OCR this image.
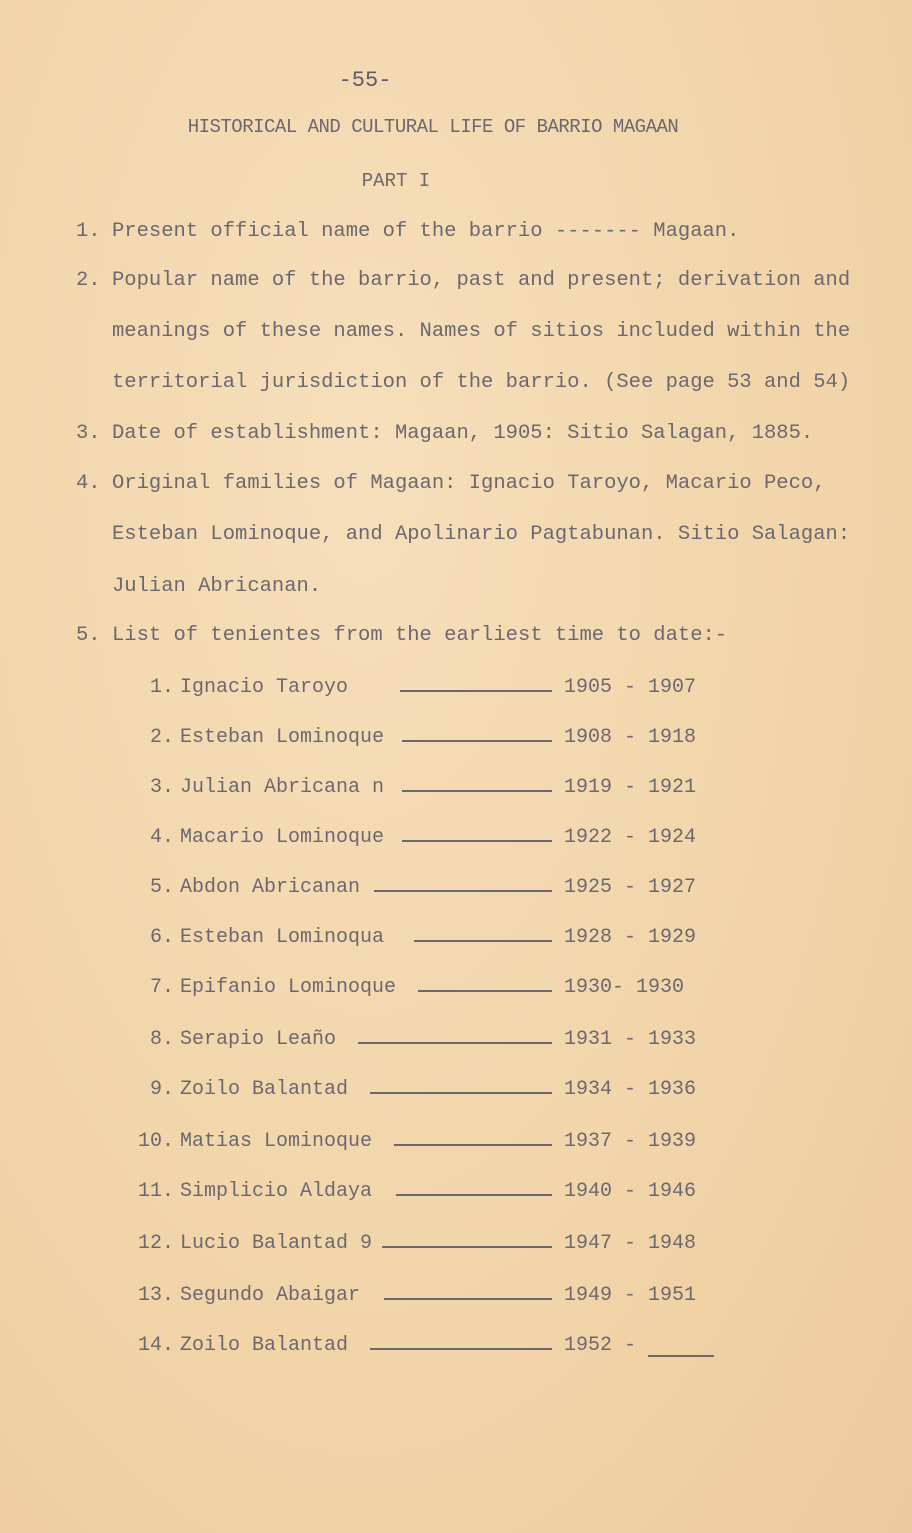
-55-
HISTORICAL AND CULTURAL LIFE OF BARRIO MAGAAN
PART I
1. Present official name of the barrio ------- Magaan.
2. Popular name of the barrio, past and present; derivation and
meanings of these names. Names of sitios included within the
territorial jurisdiction of the barrio. (See page 53 and 54)
3. Date of establishment: Magaan, 1905: Sitio Salagan, 1885.
4. Original families of Magaan: Ignacio Taroyo, Macario Peco,
Esteban Lominoque, and Apolinario Pagtabunan. Sitio Salagan:
Julian Abricanan.
5. List of tenientes from the earliest time to date:-
1. Ignacio Taroyo	1905 - 1907
2. Esteban Lominoque	1908 - 1918
3. Julian Abricana n	1919 - 1921
4. Macario Lominoque	1922 - 1924
5. Abdon Abricanan	1925 - 1927
6. Esteban Lominoqua	1928 - 1929
7. Epifanio Lominoque	1930- 1930
8. Serapio Leaño	1931 - 1933
9. Zoilo Balantad	1934 - 1936
10. Matias Lominoque	1937 - 1939
11. Simplicio Aldaya	1940 - 1946
12. Lucio Balantad 9	1947 - 1948
13. Segundo Abaigar	1949 - 1951
14. Zoilo Balantad	1952 -
